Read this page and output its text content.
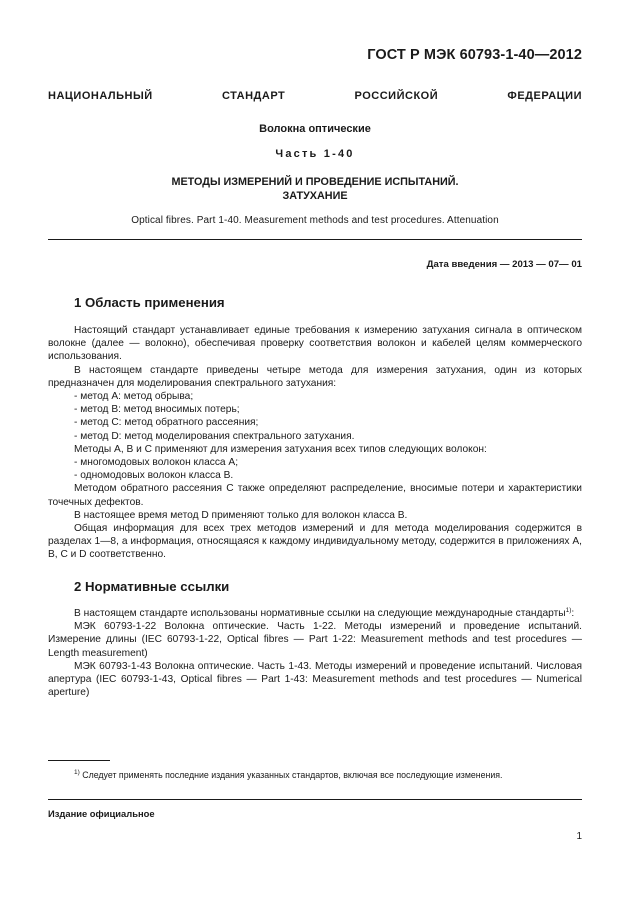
ГОСТ Р МЭК 60793-1-40—2012
НАЦИОНАЛЬНЫЙ СТАНДАРТ РОССИЙСКОЙ ФЕДЕРАЦИИ
Волокна оптические
Часть 1-40
МЕТОДЫ ИЗМЕРЕНИЙ И ПРОВЕДЕНИЕ ИСПЫТАНИЙ.
ЗАТУХАНИЕ
Optical fibres. Part 1-40. Measurement methods and test procedures. Attenuation
Дата введения — 2013 — 07— 01
1 Область применения

Настоящий стандарт устанавливает единые требования к измерению затухания сигнала в оптическом волокне (далее — волокно), обеспечивая проверку соответствия волокон и кабелей целям коммерческого использования.

В настоящем стандарте приведены четыре метода для измерения затухания, один из которых предназначен для моделирования спектрального затухания:

- метод A: метод обрыва;

- метод B: метод вносимых потерь;

- метод C: метод обратного рассеяния;

- метод D: метод моделирования спектрального затухания.

Методы A, B и C применяют для измерения затухания всех типов следующих волокон:

- многомодовых волокон класса A;

- одномодовых волокон класса B.

Методом обратного рассеяния C также определяют распределение, вносимые потери и характеристики точечных дефектов.

В настоящее время метод D применяют только для волокон класса B.

Общая информация для всех трех методов измерений и для метода моделирования содержится в разделах 1—8, а информация, относящаяся к каждому индивидуальному методу, содержится в приложениях A, B, C и D соответственно.

2 Нормативные ссылки

В настоящем стандарте использованы нормативные ссылки на следующие международные стандарты$^{1)}$:

МЭК 60793-1-22 Волокна оптические. Часть 1-22. Методы измерений и проведение испытаний. Измерение длины (IEC 60793-1-22, Optical fibres — Part 1-22: Measurement methods and test procedures — Length measurement)

МЭК 60793-1-43 Волокна оптические. Часть 1-43. Методы измерений и проведение испытаний. Числовая апертура (IEC 60793-1-43, Optical fibres — Part 1-43: Measurement methods and test procedures — Numerical aperture)

$^{1)}$ Следует применять последние издания указанных стандартов, включая все последующие изменения.
Издание официальное
1
